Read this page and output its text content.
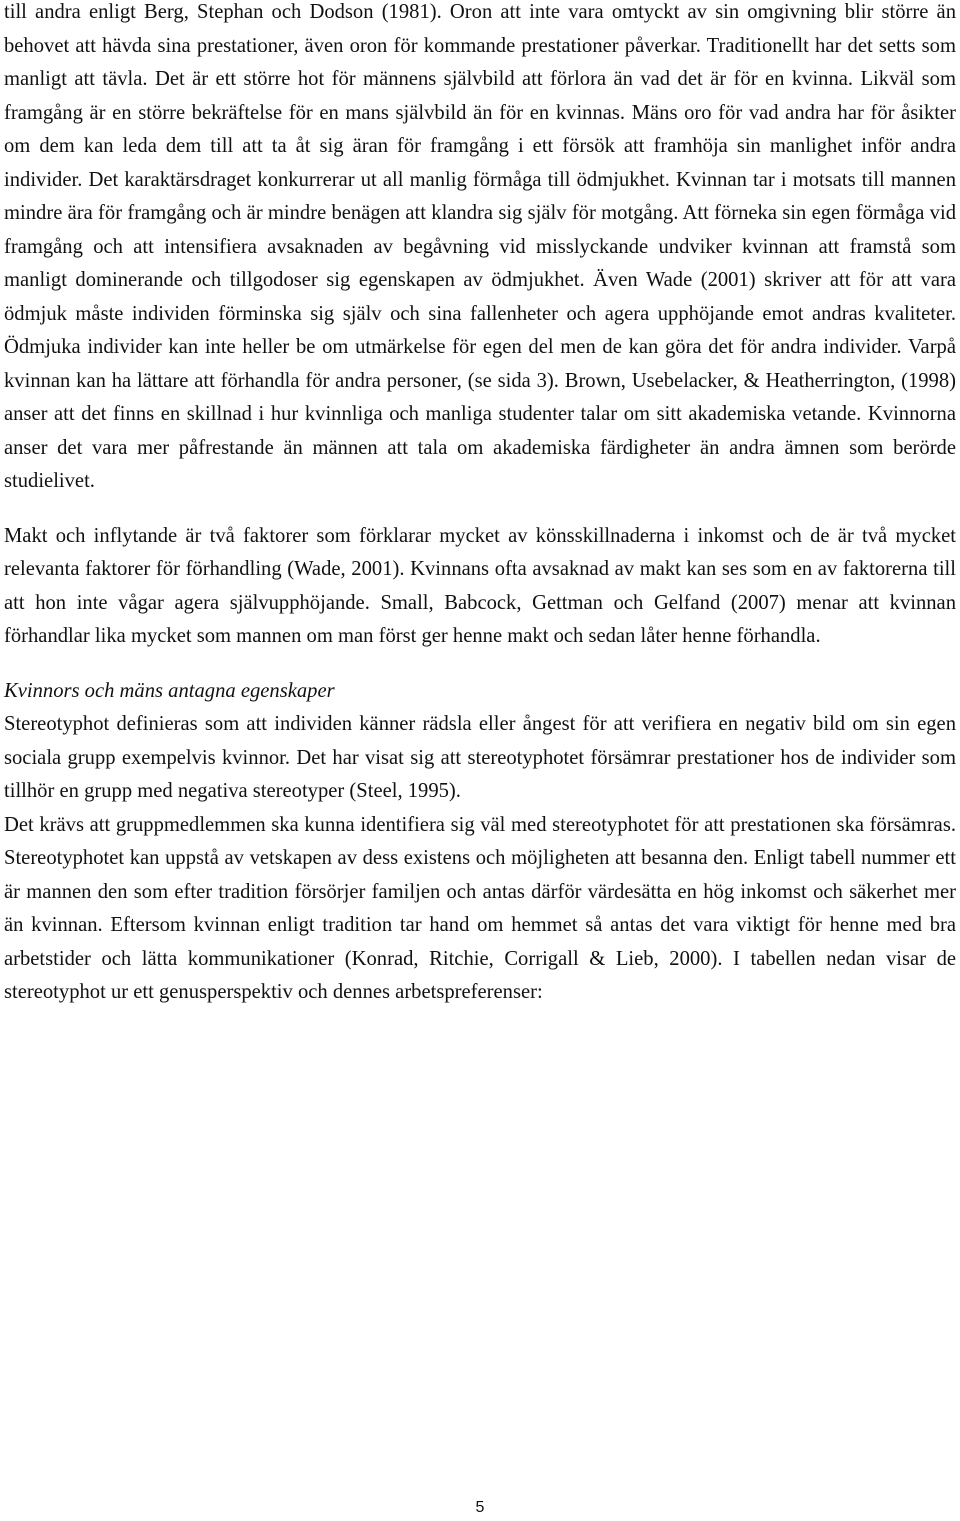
till andra enligt Berg, Stephan och Dodson (1981). Oron att inte vara omtyckt av sin omgivning blir större än behovet att hävda sina prestationer, även oron för kommande prestationer påverkar. Traditionellt har det setts som manligt att tävla. Det är ett större hot för männens självbild att förlora än vad det är för en kvinna. Likväl som framgång är en större bekräftelse för en mans självbild än för en kvinnas. Mäns oro för vad andra har för åsikter om dem kan leda dem till att ta åt sig äran för framgång i ett försök att framhöja sin manlighet inför andra individer. Det karaktärsdraget konkurrerar ut all manlig förmåga till ödmjukhet. Kvinnan tar i motsats till mannen mindre ära för framgång och är mindre benägen att klandra sig själv för motgång. Att förneka sin egen förmåga vid framgång och att intensifiera avsaknaden av begåvning vid misslyckande undviker kvinnan att framstå som manligt dominerande och tillgodoser sig egenskapen av ödmjukhet. Även Wade (2001) skriver att för att vara ödmjuk måste individen förminska sig själv och sina fallenheter och agera upphöjande emot andras kvaliteter. Ödmjuka individer kan inte heller be om utmärkelse för egen del men de kan göra det för andra individer. Varpå kvinnan kan ha lättare att förhandla för andra personer, (se sida 3). Brown, Usebelacker, & Heatherrington, (1998) anser att det finns en skillnad i hur kvinnliga och manliga studenter talar om sitt akademiska vetande. Kvinnorna anser det vara mer påfrestande än männen att tala om akademiska färdigheter än andra ämnen som berörde studielivet.

Makt och inflytande är två faktorer som förklarar mycket av könsskillnaderna i inkomst och de är två mycket relevanta faktorer för förhandling (Wade, 2001). Kvinnans ofta avsaknad av makt kan ses som en av faktorerna till att hon inte vågar agera självupphöjande. Small, Babcock, Gettman och Gelfand (2007) menar att kvinnan förhandlar lika mycket som mannen om man först ger henne makt och sedan låter henne förhandla.

Kvinnors och mäns antagna egenskaper

Stereotyphot definieras som att individen känner rädsla eller ångest för att verifiera en negativ bild om sin egen sociala grupp exempelvis kvinnor. Det har visat sig att stereotyphotet försämrar prestationer hos de individer som tillhör en grupp med negativa stereotyper (Steel, 1995).

Det krävs att gruppmedlemmen ska kunna identifiera sig väl med stereotyphotet för att prestationen ska försämras. Stereotyphotet kan uppstå av vetskapen av dess existens och möjligheten att besanna den. Enligt tabell nummer ett är mannen den som efter tradition försörjer familjen och antas därför värdesätta en hög inkomst och säkerhet mer än kvinnan. Eftersom kvinnan enligt tradition tar hand om hemmet så antas det vara viktigt för henne med bra arbetstider och lätta kommunikationer (Konrad, Ritchie, Corrigall & Lieb, 2000). I tabellen nedan visar de stereotyphot ur ett genusperspektiv och dennes arbetspreferenser:

5
